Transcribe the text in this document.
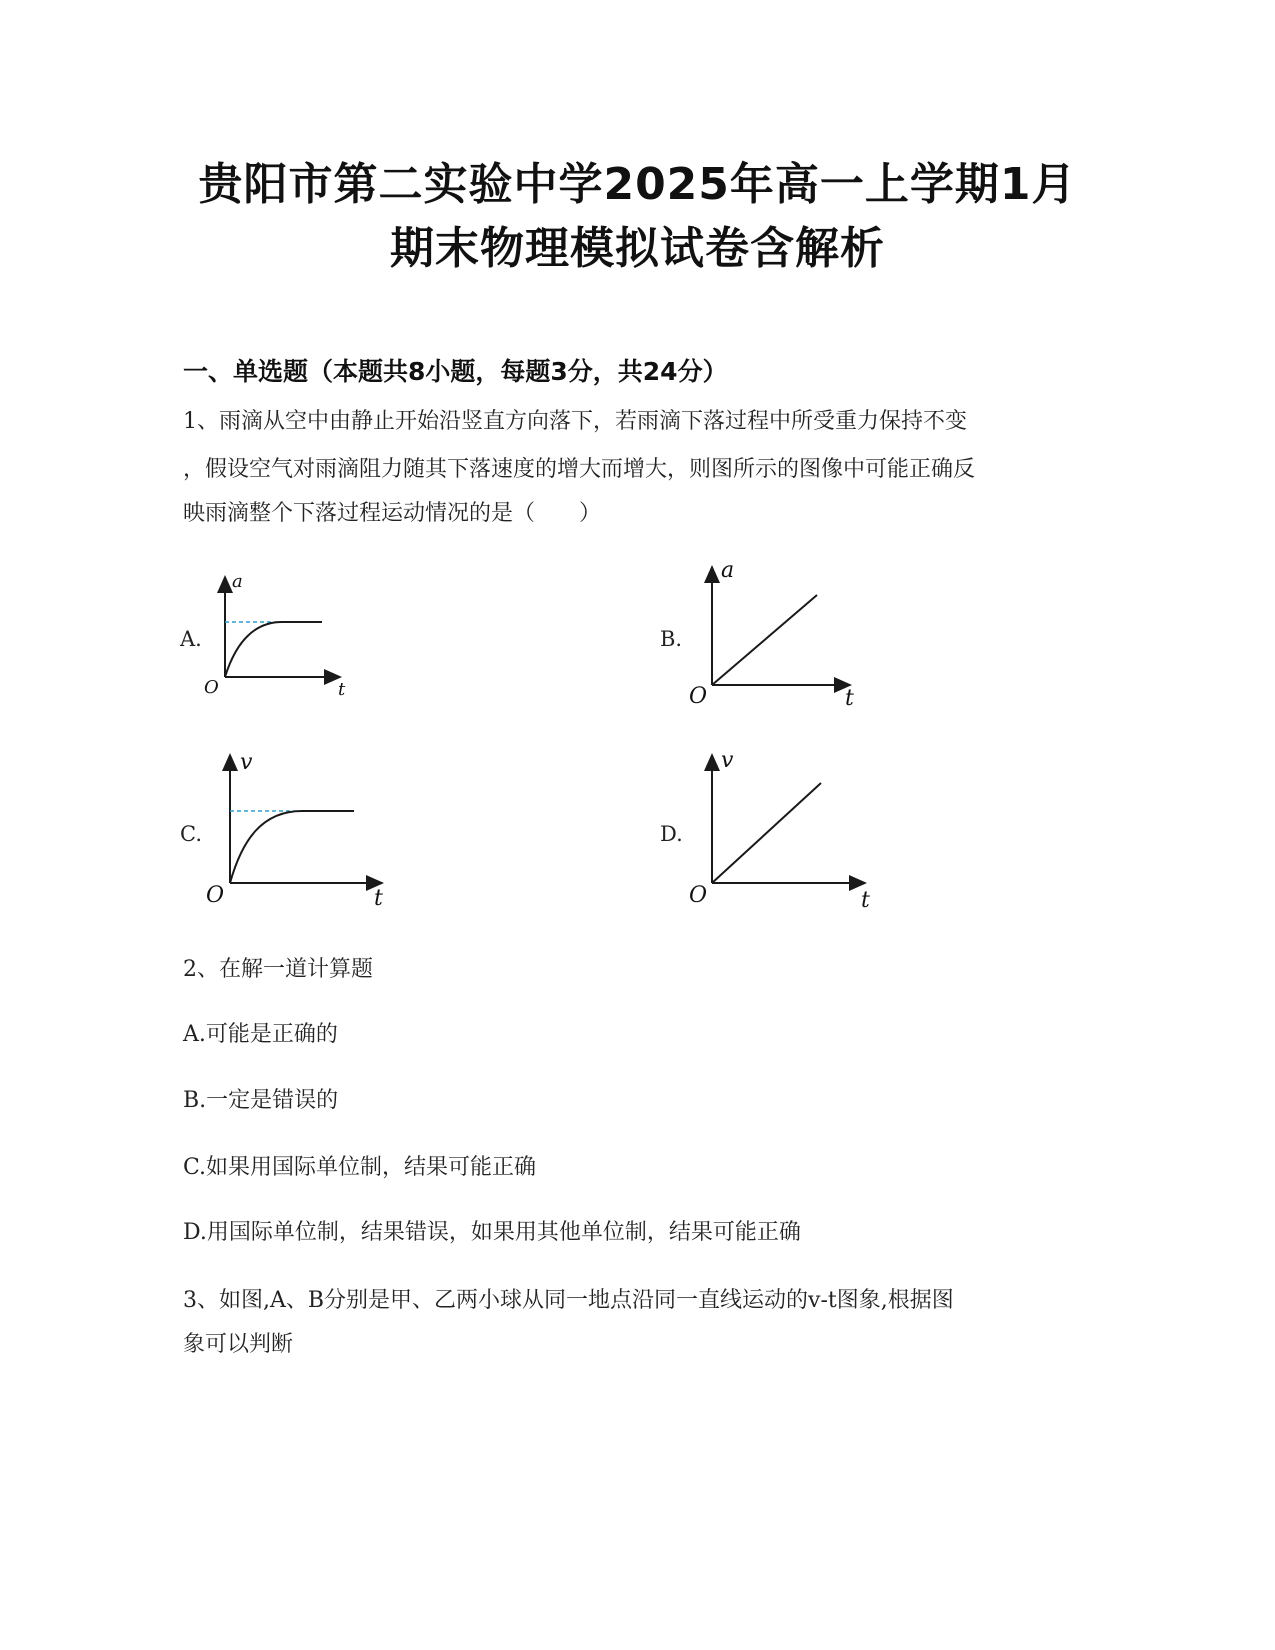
贵阳市第二实验中学2025年高一上学期1月
期末物理模拟试卷含解析
一、单选题（本题共8小题，每题3分，共24分）
1、雨滴从空中由静止开始沿竖直方向落下，若雨滴下落过程中所受重力保持不变
，假设空气对雨滴阻力随其下落速度的增大而增大，则图所示的图像中可能正确反
映雨滴整个下落过程运动情况的是（　　）
A.
a
t
O
B.
a
t
O
C.
v
t
O
D.
v
t
O
2、在解一道计算题
A.可能是正确的
B.一定是错误的
C.如果用国际单位制，结果可能正确
D.用国际单位制，结果错误，如果用其他单位制，结果可能正确
3、如图,A、B分别是甲、乙两小球从同一地点沿同一直线运动的v-t图象,根据图
象可以判断
